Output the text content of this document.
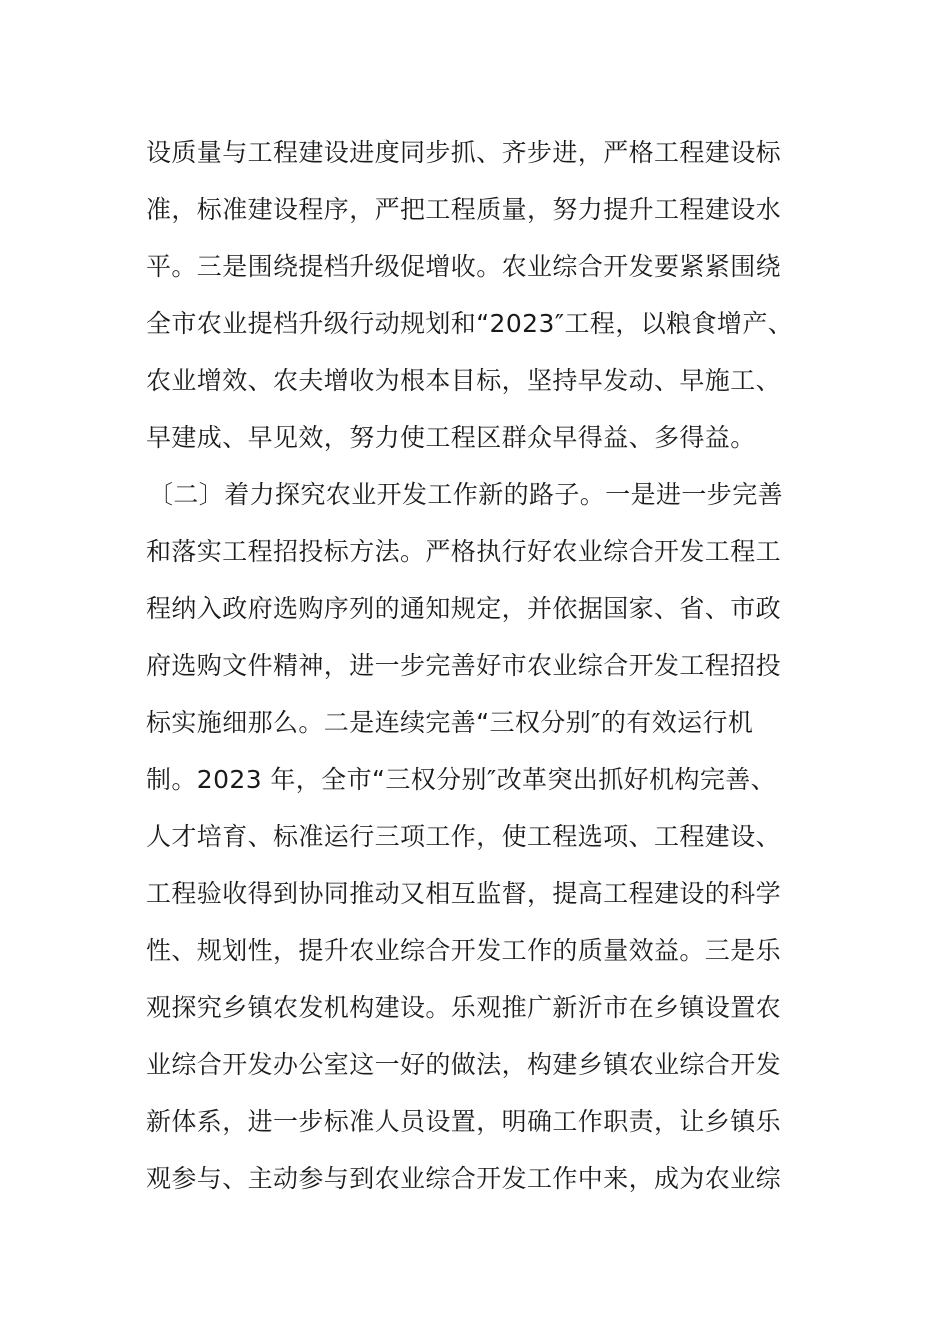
设质量与工程建设进度同步抓、齐步进，严格工程建设标
准，标准建设程序，严把工程质量，努力提升工程建设水
平。三是围绕提档升级促增收。农业综合开发要紧紧围绕
全市农业提档升级行动规划和“2023″工程，以粮食增产、
农业增效、农夫增收为根本目标，坚持早发动、早施工、
早建成、早见效，努力使工程区群众早得益、多得益。
〔二〕着力探究农业开发工作新的路子。一是进一步完善
和落实工程招投标方法。严格执行好农业综合开发工程工
程纳入政府选购序列的通知规定，并依据国家、省、市政
府选购文件精神，进一步完善好市农业综合开发工程招投
标实施细那么。二是连续完善“三权分别″的有效运行机
制。2023 年，全市“三权分别″改革突出抓好机构完善、
人才培育、标准运行三项工作，使工程选项、工程建设、
工程验收得到协同推动又相互监督，提高工程建设的科学
性、规划性，提升农业综合开发工作的质量效益。三是乐
观探究乡镇农发机构建设。乐观推广新沂市在乡镇设置农
业综合开发办公室这一好的做法，构建乡镇农业综合开发
新体系，进一步标准人员设置，明确工作职责，让乡镇乐
观参与、主动参与到农业综合开发工作中来，成为农业综
